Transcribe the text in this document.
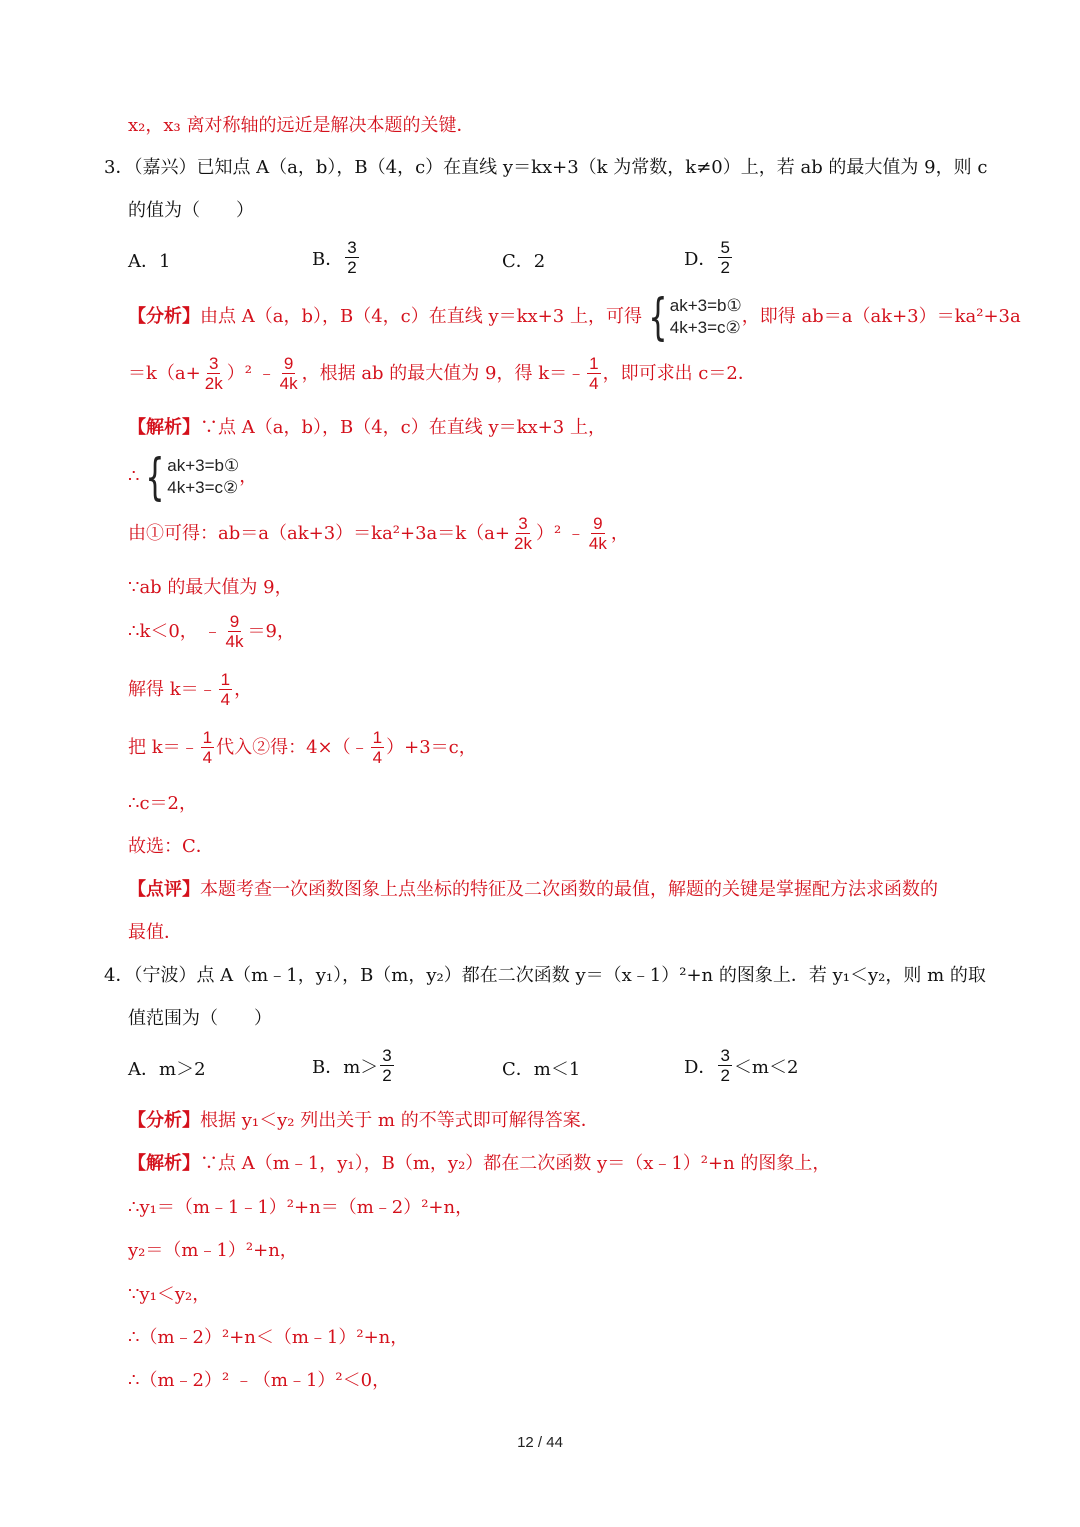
x₂，x₃ 离对称轴的远近是解决本题的关键．
3．（嘉兴）已知点 A（a，b），B（4，c）在直线 y＝kx+3（k 为常数，k≠0）上，若 ab 的最大值为 9，则 c
的值为（　　）
A．1	B． $\frac{3}{2}$	C．2	D． $\frac{5}{2}$
【分析】 由点 A（a，b），B（4，c）在直线 y＝kx+3 上，可得 { ak+3=b①
4k+3=c②
，即得 ab＝a（ak+3）＝ka²+3a
$=k(a+ \frac{3}{2k} )^2$ ﹣ $\frac{9}{4k}$ ，根据 ab 的最大值为 9，得 k＝﹣ $\frac{1}{4}$ ，即可求出 c＝2．
【解析】∵点 A（a，b），B（4，c）在直线 y＝kx+3 上，
∴ { ak+3=b①
4k+3=c②
，
由①可得：$ab=a(ak+3)=ka^2+3a=k(a+ \frac{3}{2k} )^2$ ﹣ $\frac{9}{4k}$ ，
∵ab 的最大值为 9，
∴k＜0， ﹣ $\frac{9}{4k} =9$，
解得 k＝﹣ $\frac{1}{4}$ ，
把 k＝﹣ $\frac{1}{4}$ 代入②得：4×（﹣ $\frac{1}{4} )+3=c$，
∴c＝2，
故选：C．
【点评】本题考查一次函数图象上点坐标的特征及二次函数的最值，解题的关键是掌握配方法求函数的
最值．
4．（宁波）点 A（m﹣1，y₁），B（m，y₂）都在二次函数 y＝（x﹣1）²+n 的图象上．若 y₁＜y₂，则 m 的取
值范围为（　　）
A．m＞2	B．$m> \frac{3}{2}$	C．m＜1	D． $\frac{3}{2} <m<2$
【分析】根据 y₁＜y₂ 列出关于 m 的不等式即可解得答案．
【解析】∵点 A（m﹣1，y₁），B（m，y₂）都在二次函数 y＝（x﹣1）²+n 的图象上，
∴y₁＝（m﹣1﹣1）²+n＝（m﹣2）²+n，
y₂＝（m﹣1）²+n，
∵y₁＜y₂，
∴（m﹣2）²+n＜（m﹣1）²+n，
∴（m﹣2）² ﹣（m﹣1）²＜0，
12 / 44
